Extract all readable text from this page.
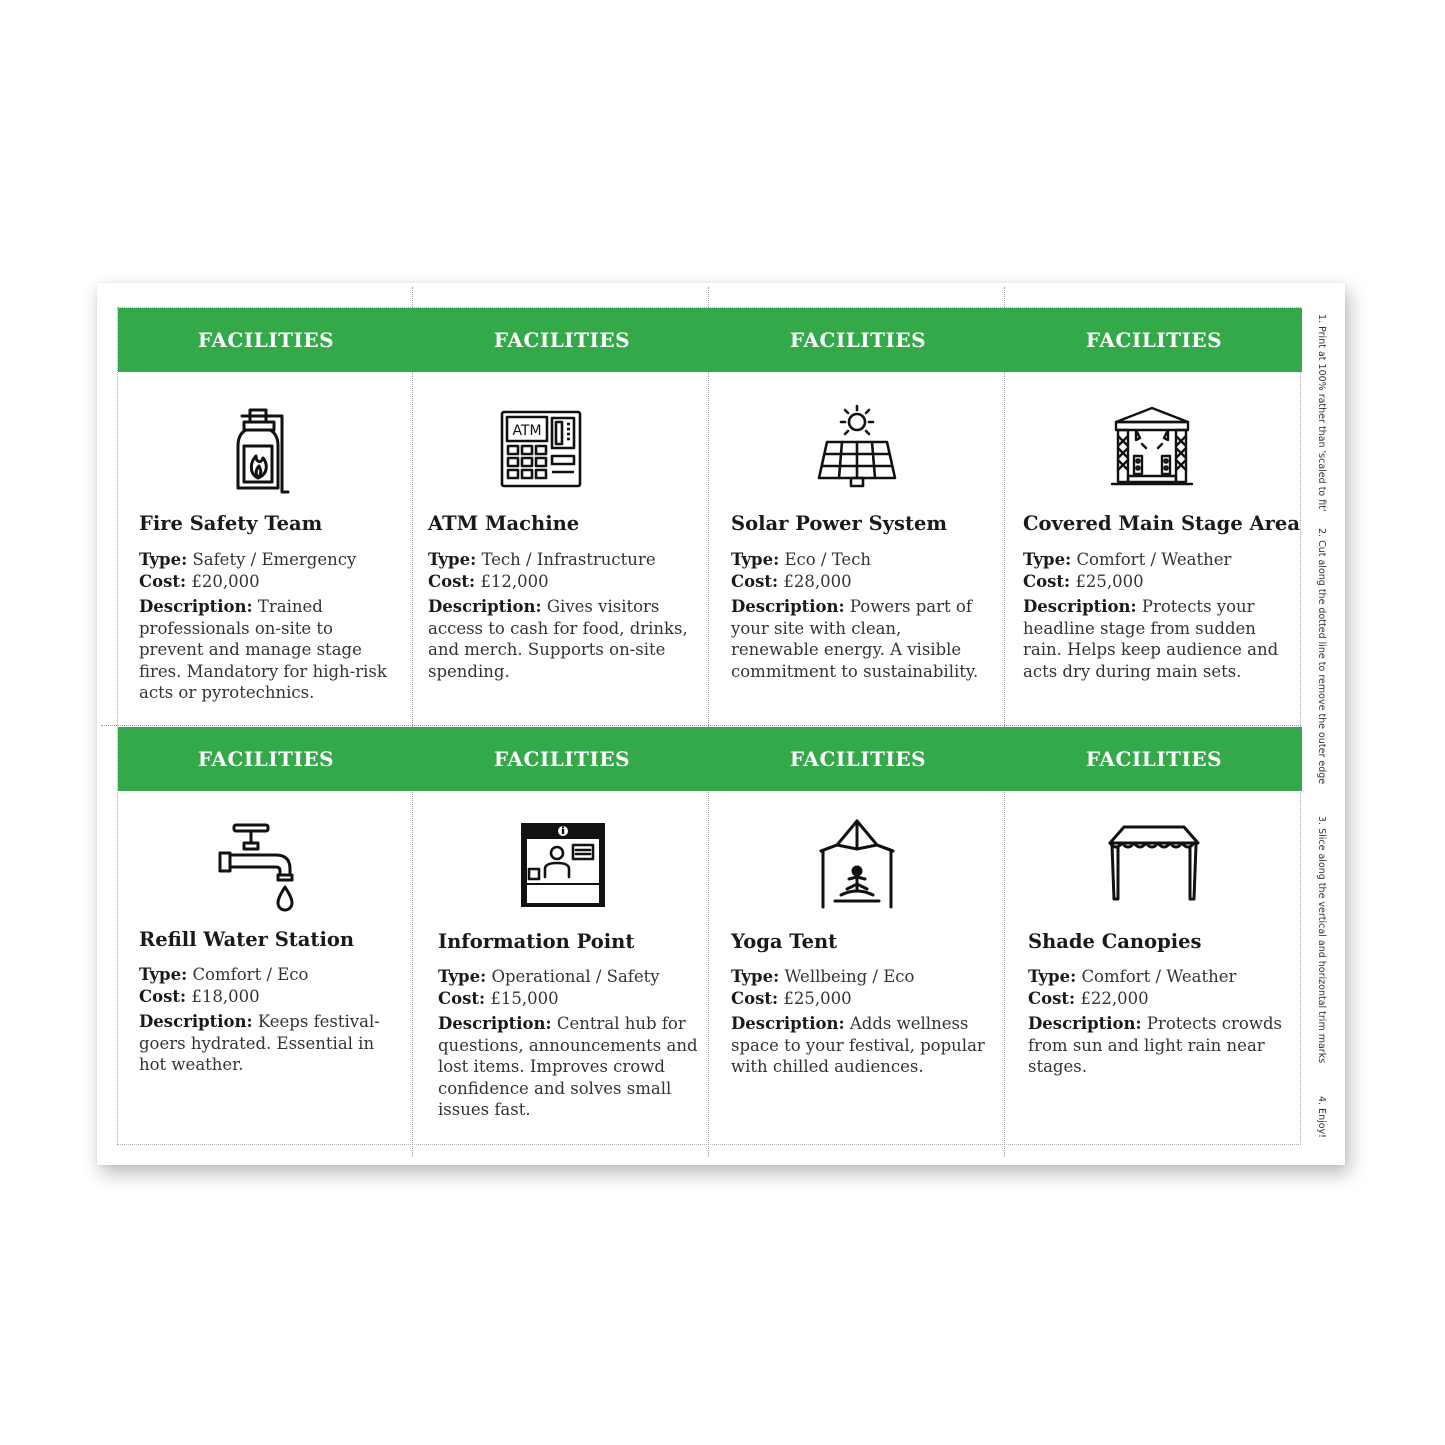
FACILITIES
Fire Safety Team
Type: Safety / Emergency
Cost: £20,000
Description: Trained professionals on-site to prevent and manage stage fires. Mandatory for high-risk acts or pyrotechnics.
FACILITIES
ATM
ATM Machine
Type: Tech / Infrastructure
Cost: £12,000
Description: Gives visitors access to cash for food, drinks, and merch. Supports on-site spending.
FACILITIES
Solar Power System
Type: Eco / Tech
Cost: £28,000
Description: Powers part of your site with clean, renewable energy. A visible commitment to sustainability.
FACILITIES
Covered Main Stage Area
Type: Comfort / Weather
Cost: £25,000
Description: Protects your headline stage from sudden rain. Helps keep audience and acts dry during main sets.
FACILITIES
Refill Water Station
Type: Comfort / Eco
Cost: £18,000
Description: Keeps festival-goers hydrated. Essential in hot weather.
FACILITIES
Information Point
Type: Operational / Safety
Cost: £15,000
Description: Central hub for questions, announcements and lost items. Improves crowd confidence and solves small issues fast.
FACILITIES
Yoga Tent
Type: Wellbeing / Eco
Cost: £25,000
Description: Adds wellness space to your festival, popular with chilled audiences.
FACILITIES
Shade Canopies
Type: Comfort / Weather
Cost: £22,000
Description: Protects crowds from sun and light rain near stages.
1. Print at 100% rather than 'scaled to fit'
2. Cut along the dotted line to remove the outer edge
3. Slice along the vertical and horizontal trim marks
4. Enjoy!
